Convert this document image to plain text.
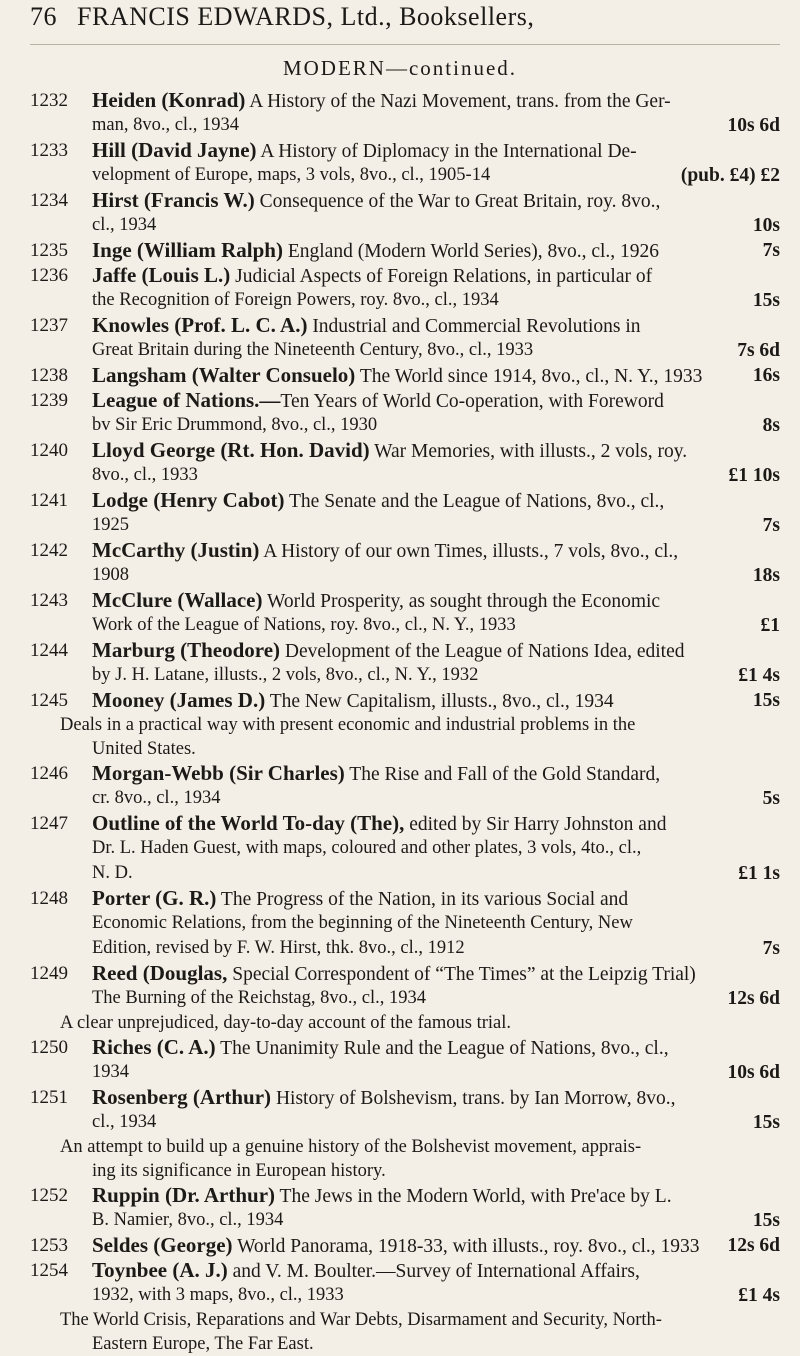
76 FRANCIS EDWARDS, Ltd., Booksellers,
MODERN—continued.
1232 Heiden (Konrad) A History of the Nazi Movement, trans. from the Ger-
man, 8vo., cl., 1934	10s 6d
1233 Hill (David Jayne) A History of Diplomacy in the International De-
velopment of Europe, maps, 3 vols, 8vo., cl., 1905-14	(pub. £4) £2
1234 Hirst (Francis W.) Consequence of the War to Great Britain, roy. 8vo.,
cl., 1934	10s
1235 Inge (William Ralph) England (Modern World Series), 8vo., cl., 1926	7s
1236 Jaffe (Louis L.) Judicial Aspects of Foreign Relations, in particular of
the Recognition of Foreign Powers, roy. 8vo., cl., 1934	15s
1237 Knowles (Prof. L. C. A.) Industrial and Commercial Revolutions in
Great Britain during the Nineteenth Century, 8vo., cl., 1933	7s 6d
1238 Langsham (Walter Consuelo) The World since 1914, 8vo., cl., N. Y., 1933	16s
1239 League of Nations.—Ten Years of World Co-operation, with Foreword
bv Sir Eric Drummond, 8vo., cl., 1930	8s
1240 Lloyd George (Rt. Hon. David) War Memories, with illusts., 2 vols, roy.
8vo., cl., 1933	£1 10s
1241 Lodge (Henry Cabot) The Senate and the League of Nations, 8vo., cl.,
1925	7s
1242 McCarthy (Justin) A History of our own Times, illusts., 7 vols, 8vo., cl.,
1908	18s
1243 McClure (Wallace) World Prosperity, as sought through the Economic
Work of the League of Nations, roy. 8vo., cl., N. Y., 1933	£1
1244 Marburg (Theodore) Development of the League of Nations Idea, edited
by J. H. Latane, illusts., 2 vols, 8vo., cl., N. Y., 1932	£1 4s
1245 Mooney (James D.) The New Capitalism, illusts., 8vo., cl., 1934	15s
Deals in a practical way with present economic and industrial problems in the
United States.
1246 Morgan-Webb (Sir Charles) The Rise and Fall of the Gold Standard,
cr. 8vo., cl., 1934	5s
1247 Outline of the World To-day (The), edited by Sir Harry Johnston and
Dr. L. Haden Guest, with maps, coloured and other plates, 3 vols, 4to., cl.,
N. D.	£1 1s
1248 Porter (G. R.) The Progress of the Nation, in its various Social and
Economic Relations, from the beginning of the Nineteenth Century, New
Edition, revised by F. W. Hirst, thk. 8vo., cl., 1912	7s
1249 Reed (Douglas, Special Correspondent of “The Times” at the Leipzig Trial)
The Burning of the Reichstag, 8vo., cl., 1934	12s 6d
A clear unprejudiced, day-to-day account of the famous trial.
1250 Riches (C. A.) The Unanimity Rule and the League of Nations, 8vo., cl.,
1934	10s 6d
1251 Rosenberg (Arthur) History of Bolshevism, trans. by Ian Morrow, 8vo.,
cl., 1934	15s
An attempt to build up a genuine history of the Bolshevist movement, apprais-
ing its significance in European history.
1252 Ruppin (Dr. Arthur) The Jews in the Modern World, with Pre'ace by L.
B. Namier, 8vo., cl., 1934	15s
1253 Seldes (George) World Panorama, 1918-33, with illusts., roy. 8vo., cl., 1933 12s 6d
1254 Toynbee (A. J.) and V. M. Boulter.—Survey of International Affairs,
1932, with 3 maps, 8vo., cl., 1933	£1 4s
The World Crisis, Reparations and War Debts, Disarmament and Security, North-
Eastern Europe, The Far East.
